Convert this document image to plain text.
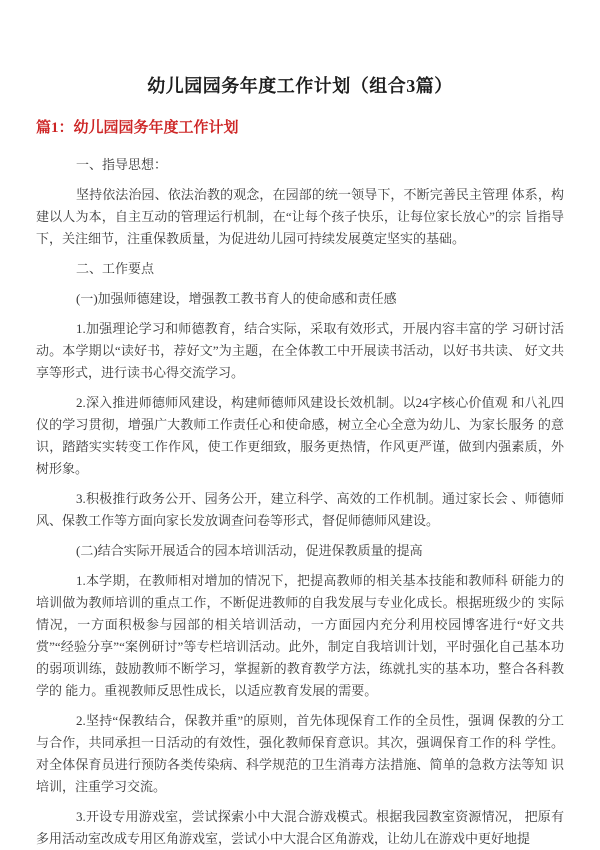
幼儿园园务年度工作计划（组合3篇）
篇1：幼儿园园务年度工作计划

一、指导思想：

坚持依法治园、依法治教的观念，在园部的统一领导下，不断完善民主管理 体系，构建以人为本，自主互动的管理运行机制，在“让每个孩子快乐，让每位家长放心”的宗 旨指导下，关注细节，注重保教质量，为促进幼儿园可持续发展奠定坚实的基础。

二、工作要点

(一)加强师德建设，增强教工教书育人的使命感和责任感

1.加强理论学习和师德教育，结合实际，采取有效形式，开展内容丰富的学 习研讨活动。本学期以“读好书，荐好文”为主题，在全体教工中开展读书活动，以好书共读、 好文共享等形式，进行读书心得交流学习。

2.深入推进师德师风建设，构建师德师风建设长效机制。以24字核心价值观 和八礼四仪的学习贯彻，增强广大教师工作责任心和使命感，树立全心全意为幼儿、为家长服务 的意识，踏踏实实转变工作作风，使工作更细致，服务更热情，作风更严谨，做到内强素质，外 树形象。

3.积极推行政务公开、园务公开，建立科学、高效的工作机制。通过家长会 、师德师风、保教工作等方面向家长发放调查问卷等形式，督促师德师风建设。

(二)结合实际开展适合的园本培训活动，促进保教质量的提高

1.本学期，在教师相对增加的情况下，把提高教师的相关基本技能和教师科 研能力的培训做为教师培训的重点工作，不断促进教师的自我发展与专业化成长。根据班级少的 实际情况，一方面积极参与园部的相关培训活动，一方面园内充分利用校园博客进行“好文共赏”“经验分享”“案例研讨”等专栏培训活动。此外，制定自我培训计划，平时强化自己基本功 的弱项训练，鼓励教师不断学习，掌握新的教育教学方法，练就扎实的基本功，整合各科教学的 能力。重视教师反思性成长，以适应教育发展的需要。

2.坚持“保教结合，保教并重”的原则，首先体现保育工作的全员性，强调 保教的分工与合作，共同承担一日活动的有效性，强化教师保育意识。其次，强调保育工作的科 学性。对全体保育员进行预防各类传染病、科学规范的卫生消毒方法措施、简单的急救方法等知 识培训，注重学习交流。

3.开设专用游戏室，尝试探索小中大混合游戏模式。根据我园教室资源情况， 把原有多用活动室改成专用区角游戏室，尝试小中大混合区角游戏，让幼儿在游戏中更好地提
